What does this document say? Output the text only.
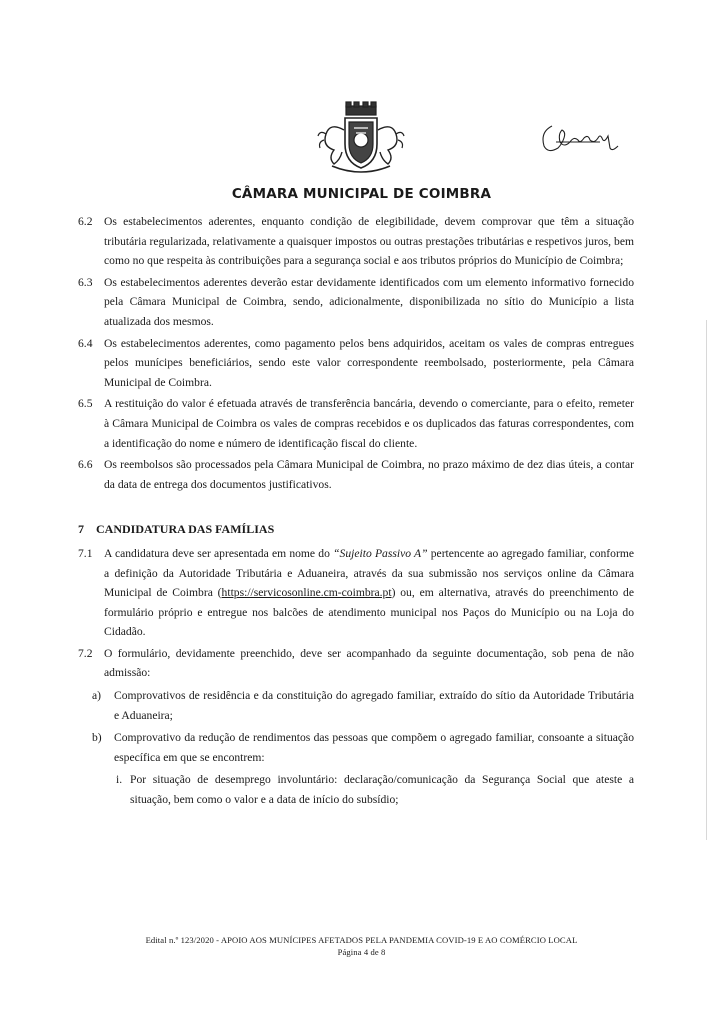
CÂMARA MUNICIPAL DE COIMBRA
6.2 Os estabelecimentos aderentes, enquanto condição de elegibilidade, devem comprovar que têm a situação tributária regularizada, relativamente a quaisquer impostos ou outras prestações tributárias e respetivos juros, bem como no que respeita às contribuições para a segurança social e aos tributos próprios do Município de Coimbra;
6.3 Os estabelecimentos aderentes deverão estar devidamente identificados com um elemento informativo fornecido pela Câmara Municipal de Coimbra, sendo, adicionalmente, disponibilizada no sítio do Município a lista atualizada dos mesmos.
6.4 Os estabelecimentos aderentes, como pagamento pelos bens adquiridos, aceitam os vales de compras entregues pelos munícipes beneficiários, sendo este valor correspondente reembolsado, posteriormente, pela Câmara Municipal de Coimbra.
6.5 A restituição do valor é efetuada através de transferência bancária, devendo o comerciante, para o efeito, remeter à Câmara Municipal de Coimbra os vales de compras recebidos e os duplicados das faturas correspondentes, com a identificação do nome e número de identificação fiscal do cliente.
6.6 Os reembolsos são processados pela Câmara Municipal de Coimbra, no prazo máximo de dez dias úteis, a contar da data de entrega dos documentos justificativos.
7 CANDIDATURA DAS FAMÍLIAS
7.1 A candidatura deve ser apresentada em nome do “Sujeito Passivo A” pertencente ao agregado familiar, conforme a definição da Autoridade Tributária e Aduaneira, através da sua submissão nos serviços online da Câmara Municipal de Coimbra (https://servicosonline.cm-coimbra.pt) ou, em alternativa, através do preenchimento de formulário próprio e entregue nos balcões de atendimento municipal nos Paços do Município ou na Loja do Cidadão.
7.2 O formulário, devidamente preenchido, deve ser acompanhado da seguinte documentação, sob pena de não admissão:
a) Comprovativos de residência e da constituição do agregado familiar, extraído do sítio da Autoridade Tributária e Aduaneira;
b) Comprovativo da redução de rendimentos das pessoas que compõem o agregado familiar, consoante a situação específica em que se encontrem:
i. Por situação de desemprego involuntário: declaração/comunicação da Segurança Social que ateste a situação, bem como o valor e a data de início do subsídio;
Edital n.º 123/2020 - APOIO AOS MUNÍCIPES AFETADOS PELA PANDEMIA COVID-19 E AO COMÉRCIO LOCAL
Página 4 de 8
